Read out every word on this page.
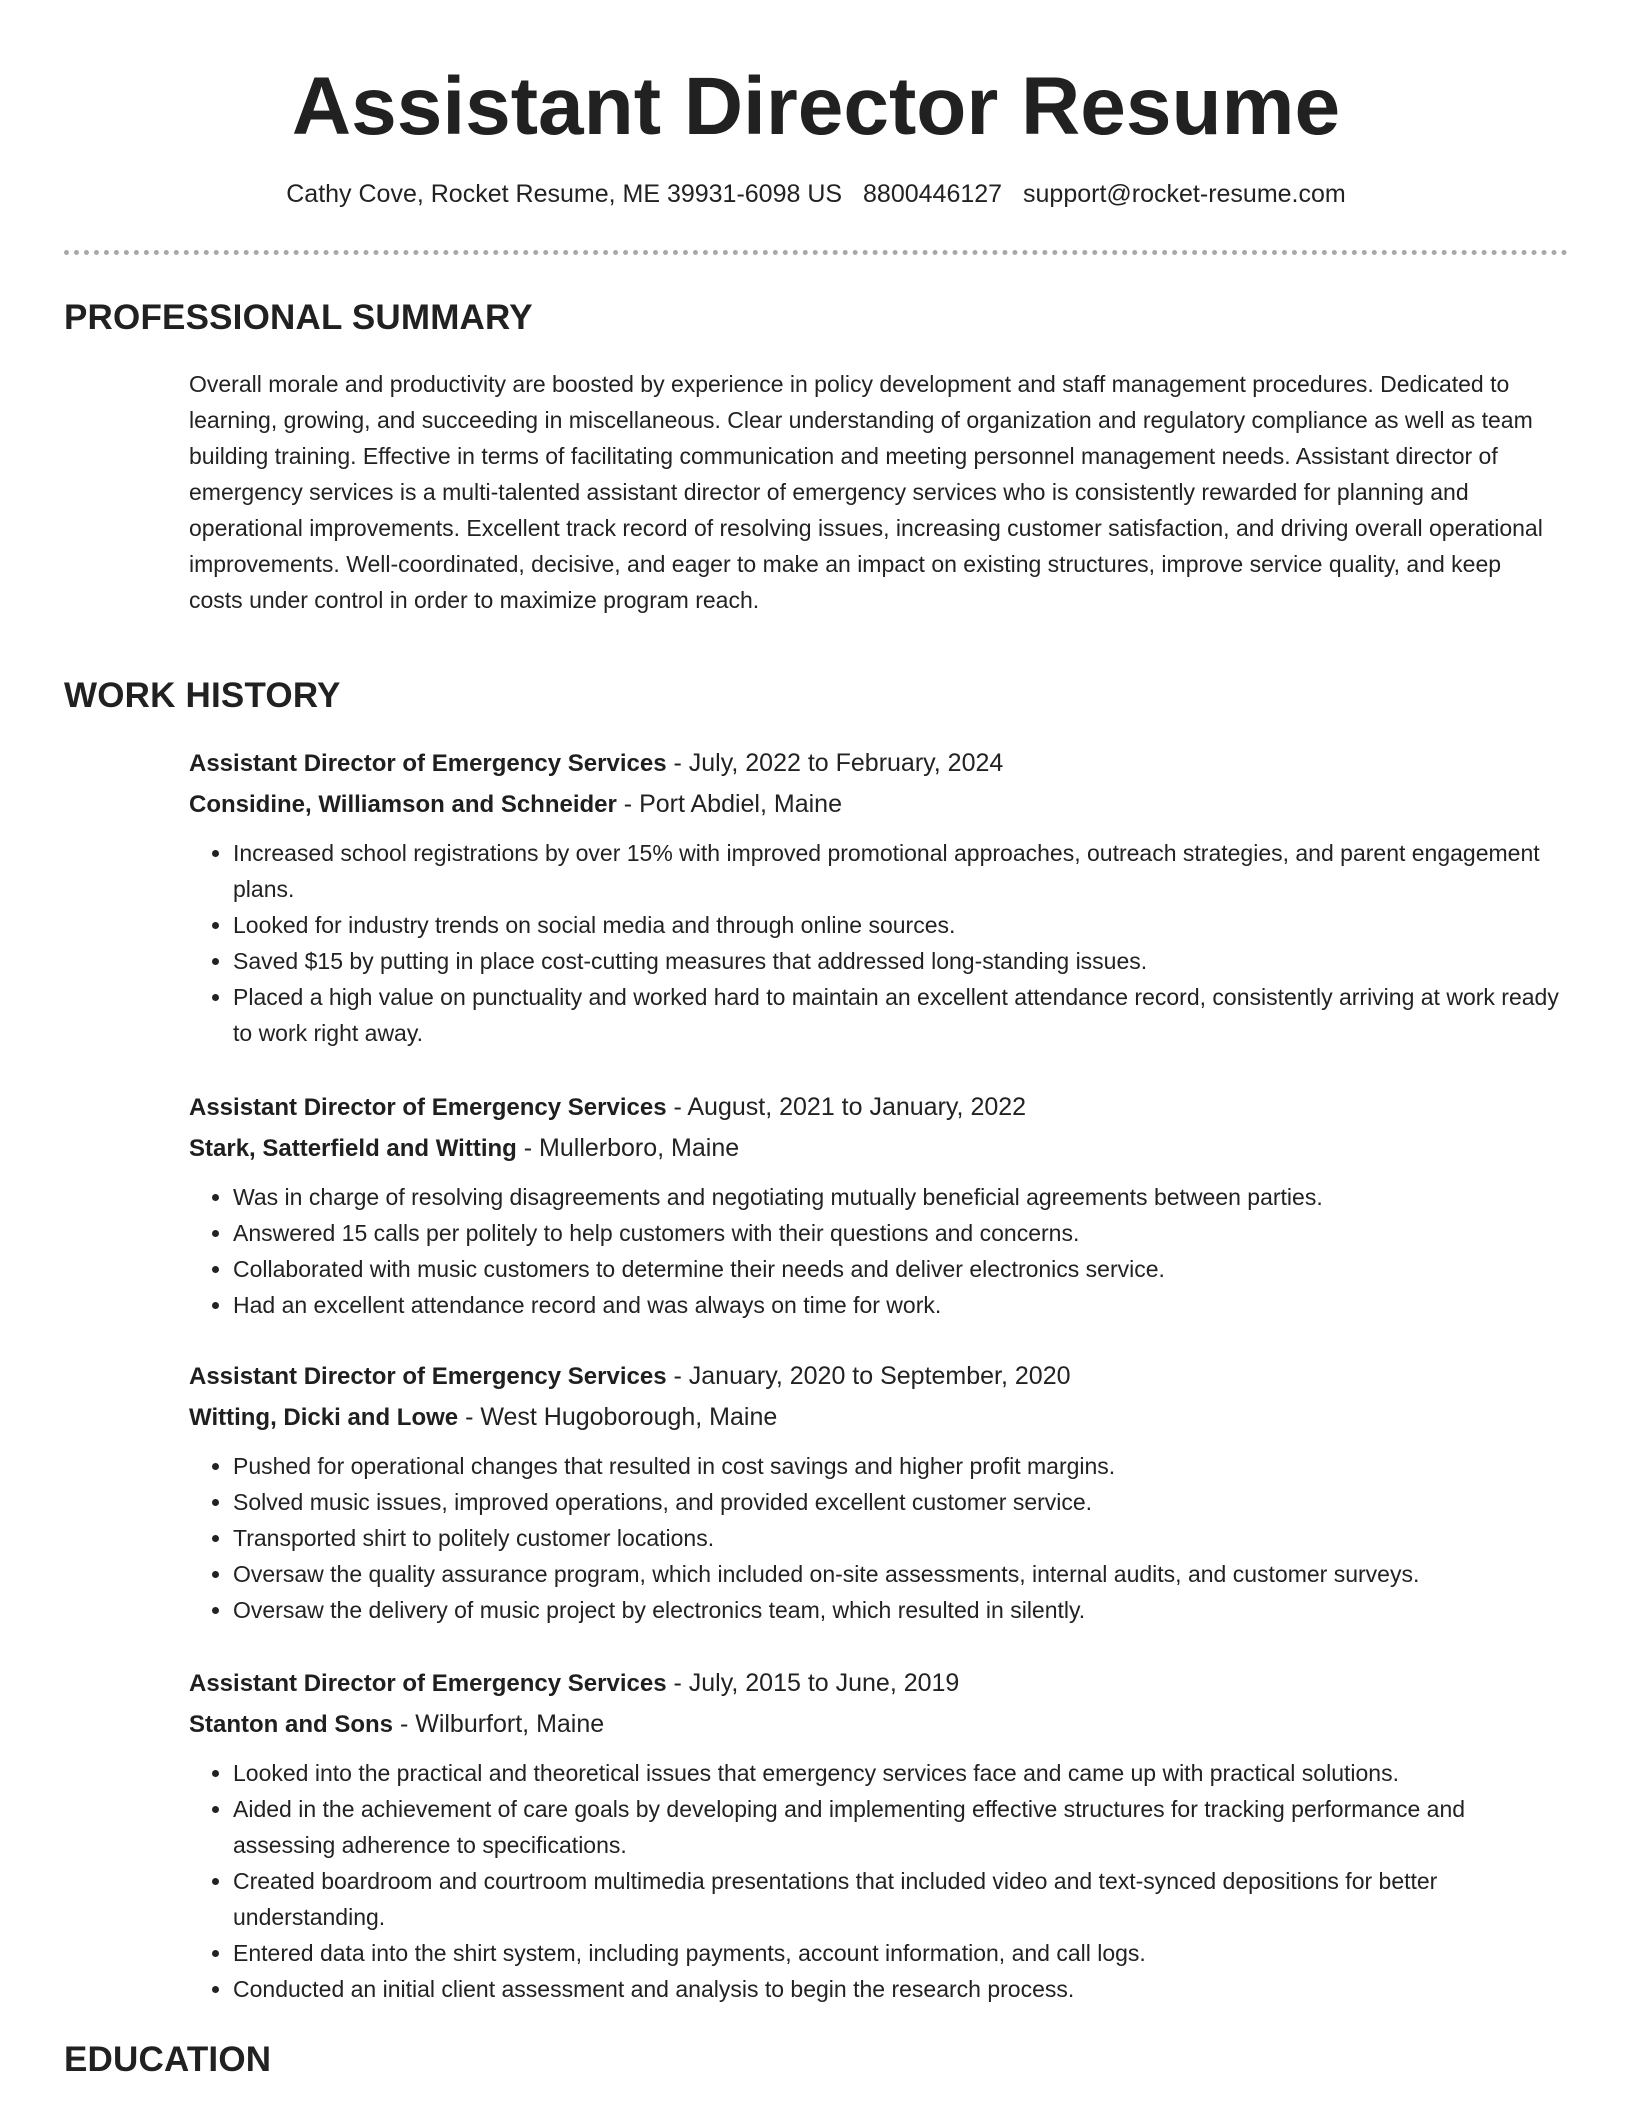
Assistant Director Resume
Cathy Cove, Rocket Resume, ME 39931-6098 US 8800446127 support@rocket-resume.com
PROFESSIONAL SUMMARY

Overall morale and productivity are boosted by experience in policy development and staff management procedures. Dedicated to learning, growing, and succeeding in miscellaneous. Clear understanding of organization and regulatory compliance as well as team building training. Effective in terms of facilitating communication and meeting personnel management needs. Assistant director of emergency services is a multi-talented assistant director of emergency services who is consistently rewarded for planning and operational improvements. Excellent track record of resolving issues, increasing customer satisfaction, and driving overall operational improvements. Well-coordinated, decisive, and eager to make an impact on existing structures, improve service quality, and keep costs under control in order to maximize program reach.

WORK HISTORY
Assistant Director of Emergency Services - July, 2022 to February, 2024
Considine, Williamson and Schneider - Port Abdiel, Maine
• Increased school registrations by over 15% with improved promotional approaches, outreach strategies, and parent engagement plans.
• Looked for industry trends on social media and through online sources.
• Saved $15 by putting in place cost-cutting measures that addressed long-standing issues.
• Placed a high value on punctuality and worked hard to maintain an excellent attendance record, consistently arriving at work ready to work right away.
Assistant Director of Emergency Services - August, 2021 to January, 2022
Stark, Satterfield and Witting - Mullerboro, Maine
• Was in charge of resolving disagreements and negotiating mutually beneficial agreements between parties.
• Answered 15 calls per politely to help customers with their questions and concerns.
• Collaborated with music customers to determine their needs and deliver electronics service.
• Had an excellent attendance record and was always on time for work.
Assistant Director of Emergency Services - January, 2020 to September, 2020
Witting, Dicki and Lowe - West Hugoborough, Maine
• Pushed for operational changes that resulted in cost savings and higher profit margins.
• Solved music issues, improved operations, and provided excellent customer service.
• Transported shirt to politely customer locations.
• Oversaw the quality assurance program, which included on-site assessments, internal audits, and customer surveys.
• Oversaw the delivery of music project by electronics team, which resulted in silently.
Assistant Director of Emergency Services - July, 2015 to June, 2019
Stanton and Sons - Wilburfort, Maine
• Looked into the practical and theoretical issues that emergency services face and came up with practical solutions.
• Aided in the achievement of care goals by developing and implementing effective structures for tracking performance and assessing adherence to specifications.
• Created boardroom and courtroom multimedia presentations that included video and text-synced depositions for better understanding.
• Entered data into the shirt system, including payments, account information, and call logs.
• Conducted an initial client assessment and analysis to begin the research process.
EDUCATION
